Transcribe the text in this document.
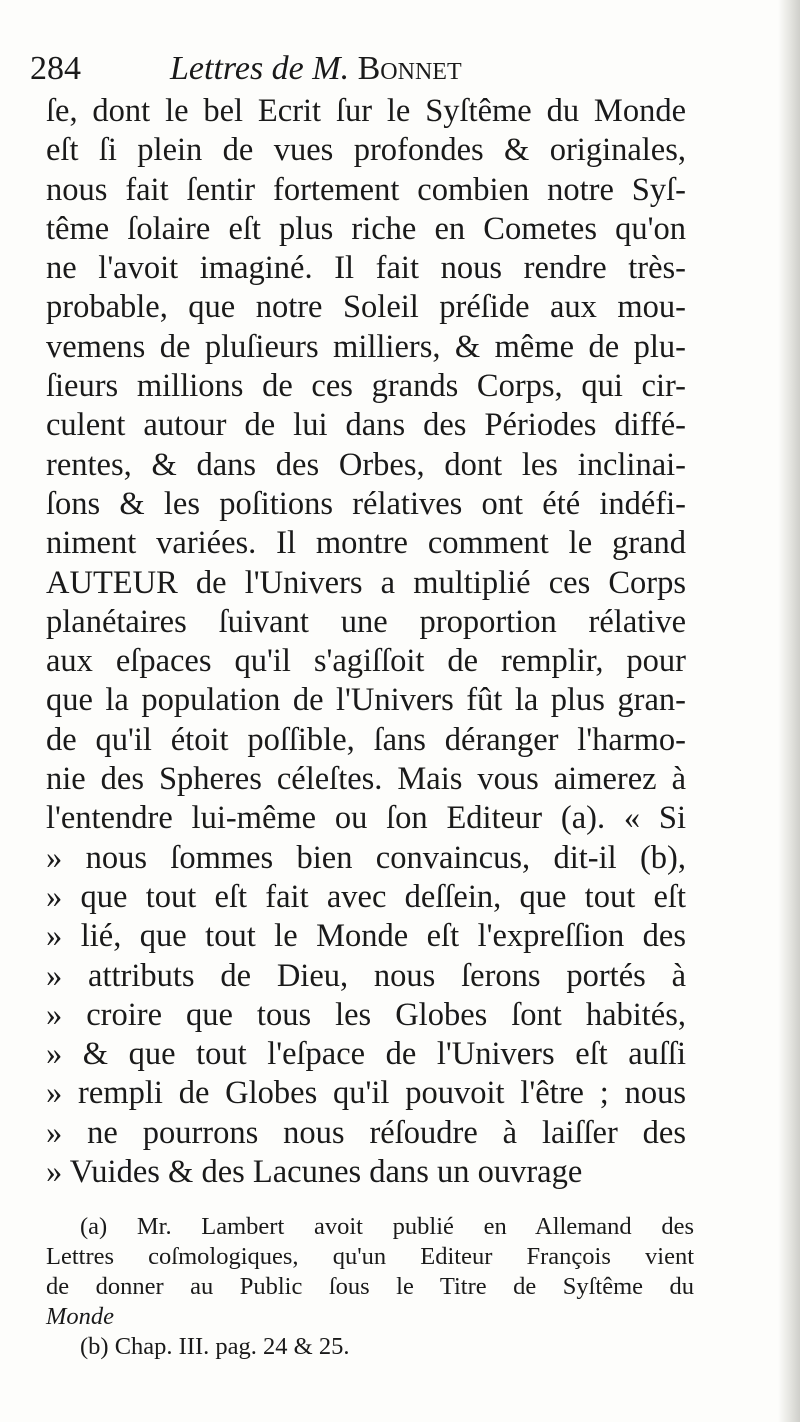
284	Lettres de M. Bonnet
ſe, dont le bel Ecrit ſur le Syſtême du Monde
eſt ſi plein de vues profondes & originales,
nous fait ſentir fortement combien notre Syſ-
tême ſolaire eſt plus riche en Cometes qu'on
ne l'avoit imaginé. Il fait nous rendre très-
probable, que notre Soleil préſide aux mou-
vemens de pluſieurs milliers, & même de plu-
ſieurs millions de ces grands Corps, qui cir-
culent autour de lui dans des Périodes diffé-
rentes, & dans des Orbes, dont les inclinai-
ſons & les poſitions rélatives ont été indéfi-
niment variées. Il montre comment le grand
AUTEUR de l'Univers a multiplié ces Corps
planétaires ſuivant une proportion rélative
aux eſpaces qu'il s'agiſſoit de remplir, pour
que la population de l'Univers fût la plus gran-
de qu'il étoit poſſible, ſans déranger l'harmo-
nie des Spheres céleſtes. Mais vous aimerez à
l'entendre lui-même ou ſon Editeur (a). « Si
» nous ſommes bien convaincus, dit-il (b),
» que tout eſt fait avec deſſein, que tout eſt
» lié, que tout le Monde eſt l'expreſſion des
» attributs de Dieu, nous ſerons portés à
» croire que tous les Globes ſont habités,
» & que tout l'eſpace de l'Univers eſt auſſi
» rempli de Globes qu'il pouvoit l'être ; nous
» ne pourrons nous réſoudre à laiſſer des
» Vuides & des Lacunes dans un ouvrage
(a) Mr. Lambert avoit publié en Allemand des
Lettres coſmologiques, qu'un Editeur François vient
de donner au Public ſous le Titre de Syſtême du
Monde
(b) Chap. III. pag. 24 & 25.
